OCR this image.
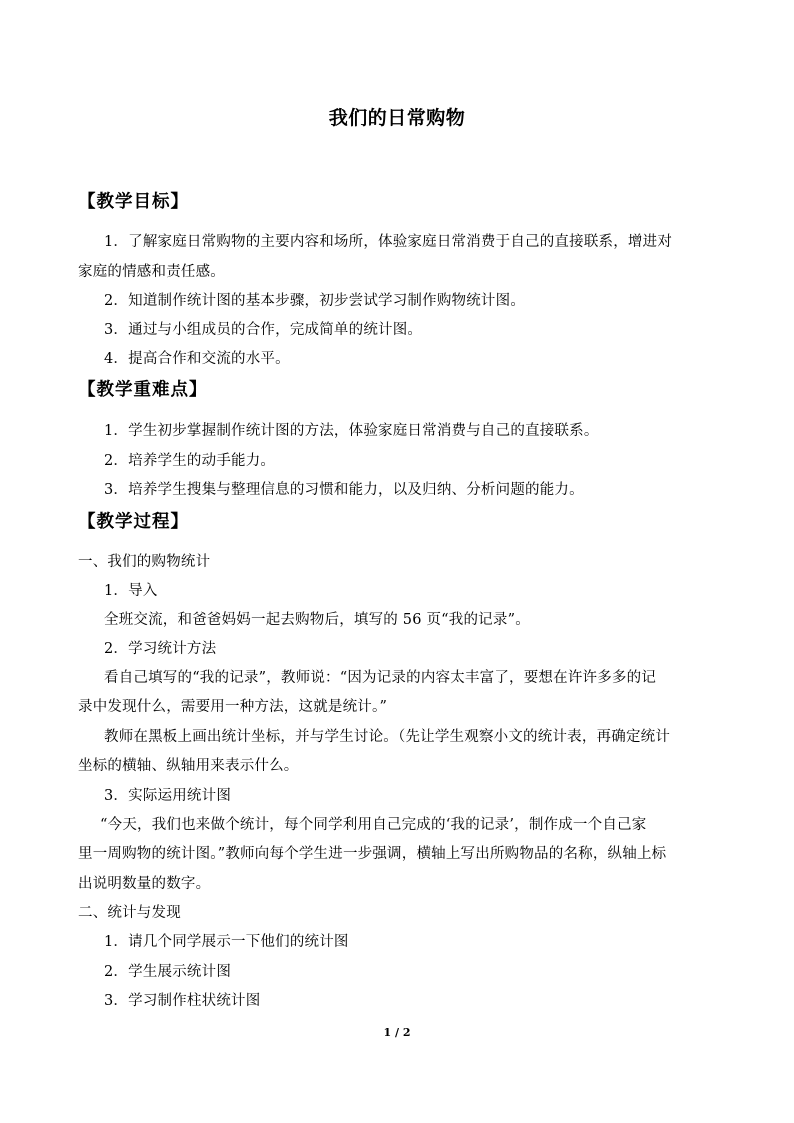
我们的日常购物
【教学目标】
1．了解家庭日常购物的主要内容和场所，体验家庭日常消费于自己的直接联系，增进对
家庭的情感和责任感。
2．知道制作统计图的基本步骤，初步尝试学习制作购物统计图。
3．通过与小组成员的合作，完成简单的统计图。
4．提高合作和交流的水平。
【教学重难点】
1．学生初步掌握制作统计图的方法，体验家庭日常消费与自己的直接联系。
2．培养学生的动手能力。
3．培养学生搜集与整理信息的习惯和能力，以及归纳、分析问题的能力。
【教学过程】
一、我们的购物统计
1．导入
全班交流，和爸爸妈妈一起去购物后，填写的 56 页“我的记录”。
2．学习统计方法
看自己填写的“我的记录”，教师说：“因为记录的内容太丰富了，要想在许许多多的记
录中发现什么，需要用一种方法，这就是统计。”
教师在黑板上画出统计坐标，并与学生讨论。（先让学生观察小文的统计表，再确定统计
坐标的横轴、纵轴用来表示什么。
3．实际运用统计图
“今天，我们也来做个统计，每个同学利用自己完成的‘我的记录’，制作成一个自己家
里一周购物的统计图。”教师向每个学生进一步强调，横轴上写出所购物品的名称，纵轴上标
出说明数量的数字。
二、统计与发现
1．请几个同学展示一下他们的统计图
2．学生展示统计图
3．学习制作柱状统计图
1 / 2
